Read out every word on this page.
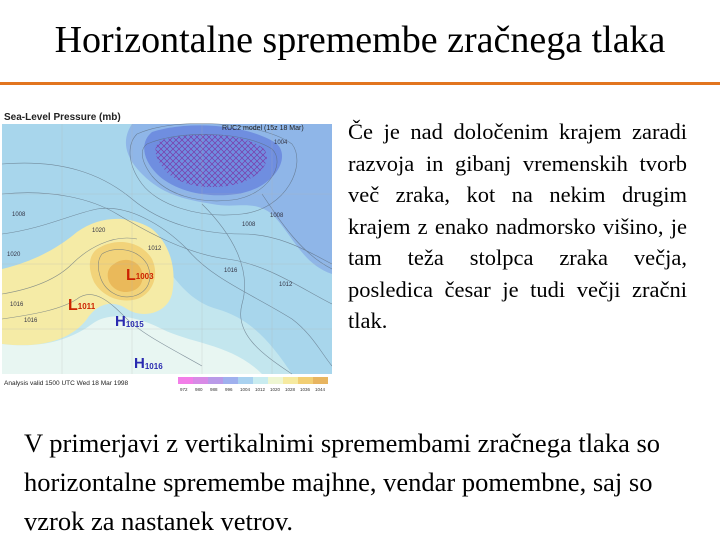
Horizontalne spremembe zračnega tlaka
Sea-Level Pressure (mb)
RUC2 model (15z 18 Mar)
1004
1008
1008
1020
1020
1012
1016
1016
1016
1012
1008
L1003
L1011
H1015
H1016
Analysis valid 1500 UTC Wed 18 Mar 1998
972 980 988 996 1004 1012 1020 1028 1036 1044
Če je nad določenim krajem zaradi razvoja in gibanj vremenskih tvorb več zraka, kot na nekim drugim krajem z enako nadmorsko višino, je tam teža stolpca zraka večja, posledica česar je tudi večji zračni tlak.
V primerjavi z vertikalnimi spremembami zračnega tlaka so horizontalne spremembe majhne, vendar pomembne, saj so vzrok za nastanek vetrov.
